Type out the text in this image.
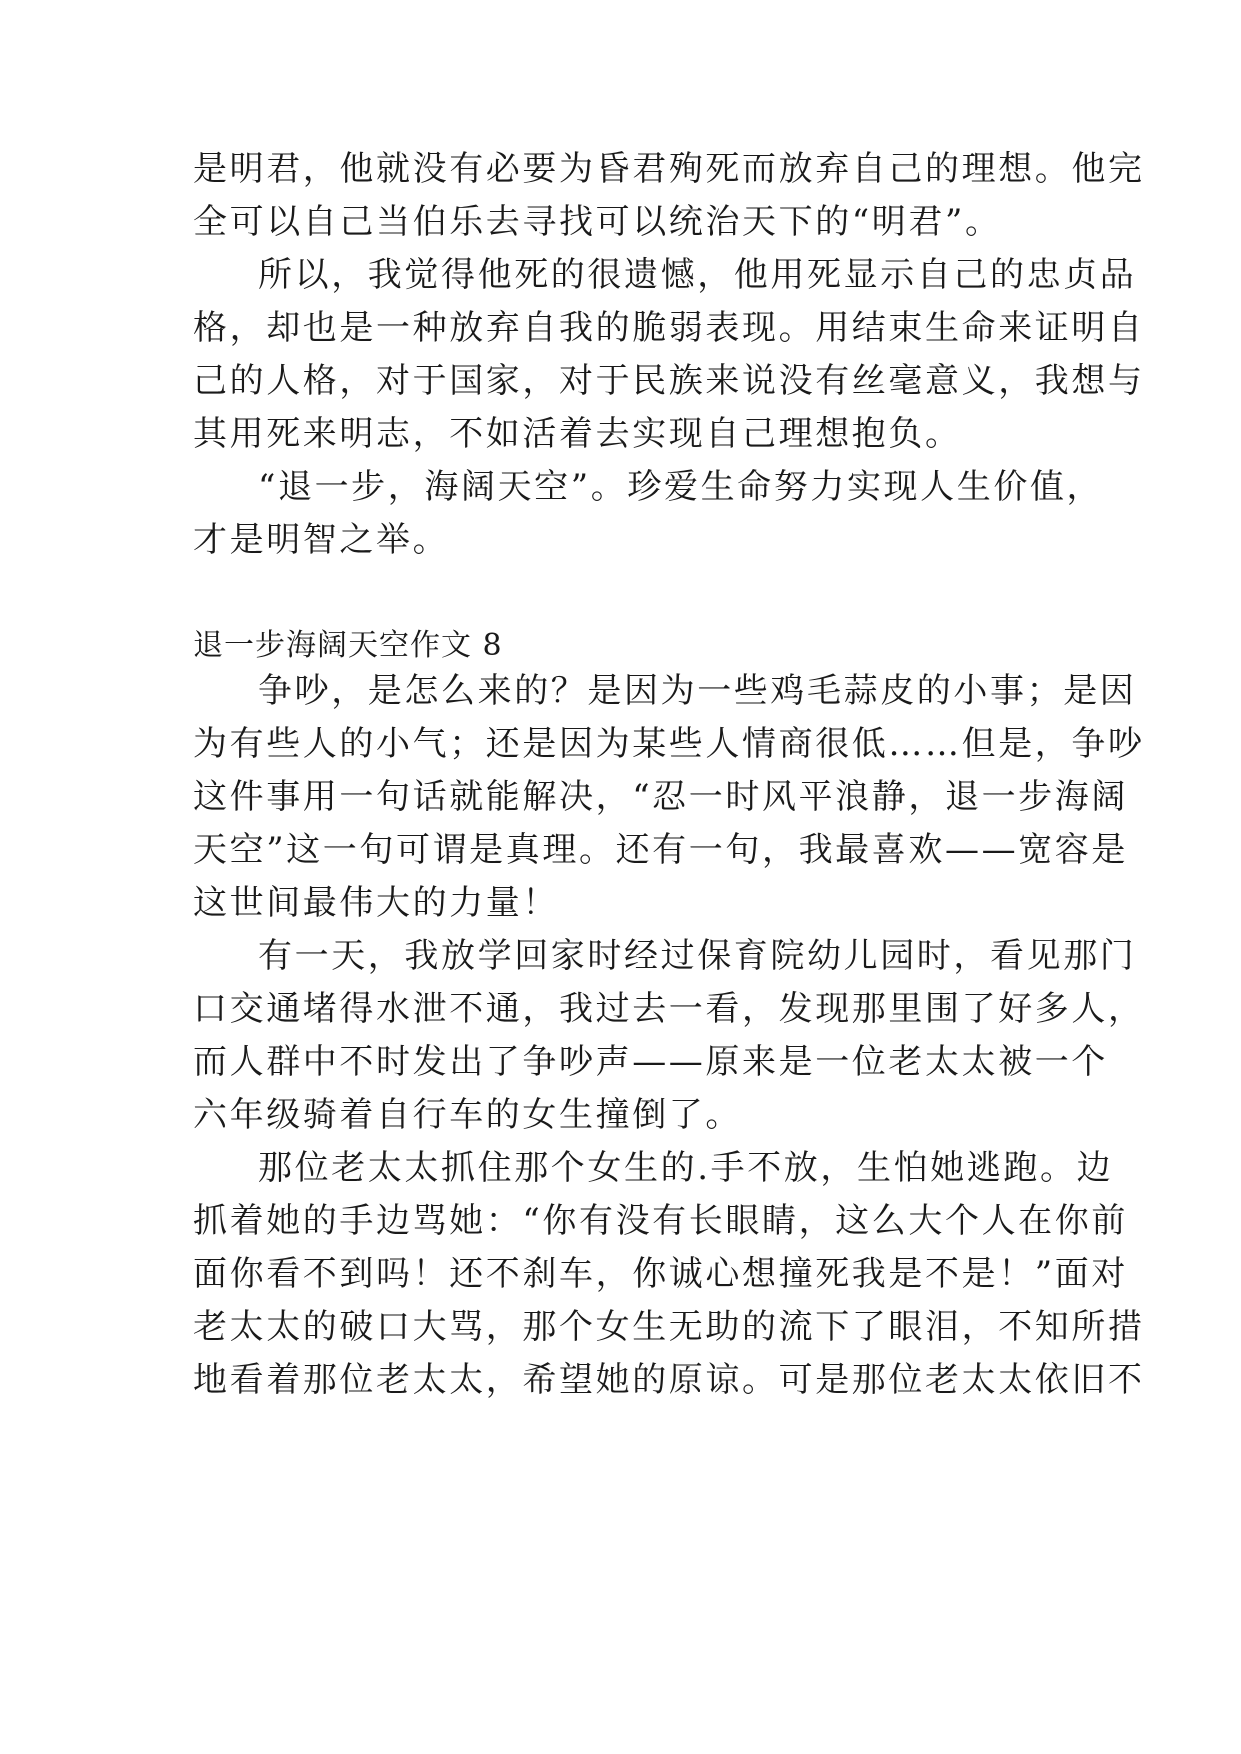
是明君，他就没有必要为昏君殉死而放弃自己的理想。他完
全可以自己当伯乐去寻找可以统治天下的“明君”。
所以，我觉得他死的很遗憾，他用死显示自己的忠贞品
格，却也是一种放弃自我的脆弱表现。用结束生命来证明自
己的人格，对于国家，对于民族来说没有丝毫意义，我想与
其用死来明志，不如活着去实现自己理想抱负。
“退一步，海阔天空”。珍爱生命努力实现人生价值，
才是明智之举。
退一步海阔天空作文 8
争吵，是怎么来的？是因为一些鸡毛蒜皮的小事；是因
为有些人的小气；还是因为某些人情商很低……但是，争吵
这件事用一句话就能解决，“忍一时风平浪静，退一步海阔
天空”这一句可谓是真理。还有一句，我最喜欢——宽容是
这世间最伟大的力量！
有一天，我放学回家时经过保育院幼儿园时，看见那门
口交通堵得水泄不通，我过去一看，发现那里围了好多人，
而人群中不时发出了争吵声——原来是一位老太太被一个
六年级骑着自行车的女生撞倒了。
那位老太太抓住那个女生的.手不放，生怕她逃跑。边
抓着她的手边骂她：“你有没有长眼睛，这么大个人在你前
面你看不到吗！还不刹车，你诚心想撞死我是不是！”面对
老太太的破口大骂，那个女生无助的流下了眼泪，不知所措
地看着那位老太太，希望她的原谅。可是那位老太太依旧不
